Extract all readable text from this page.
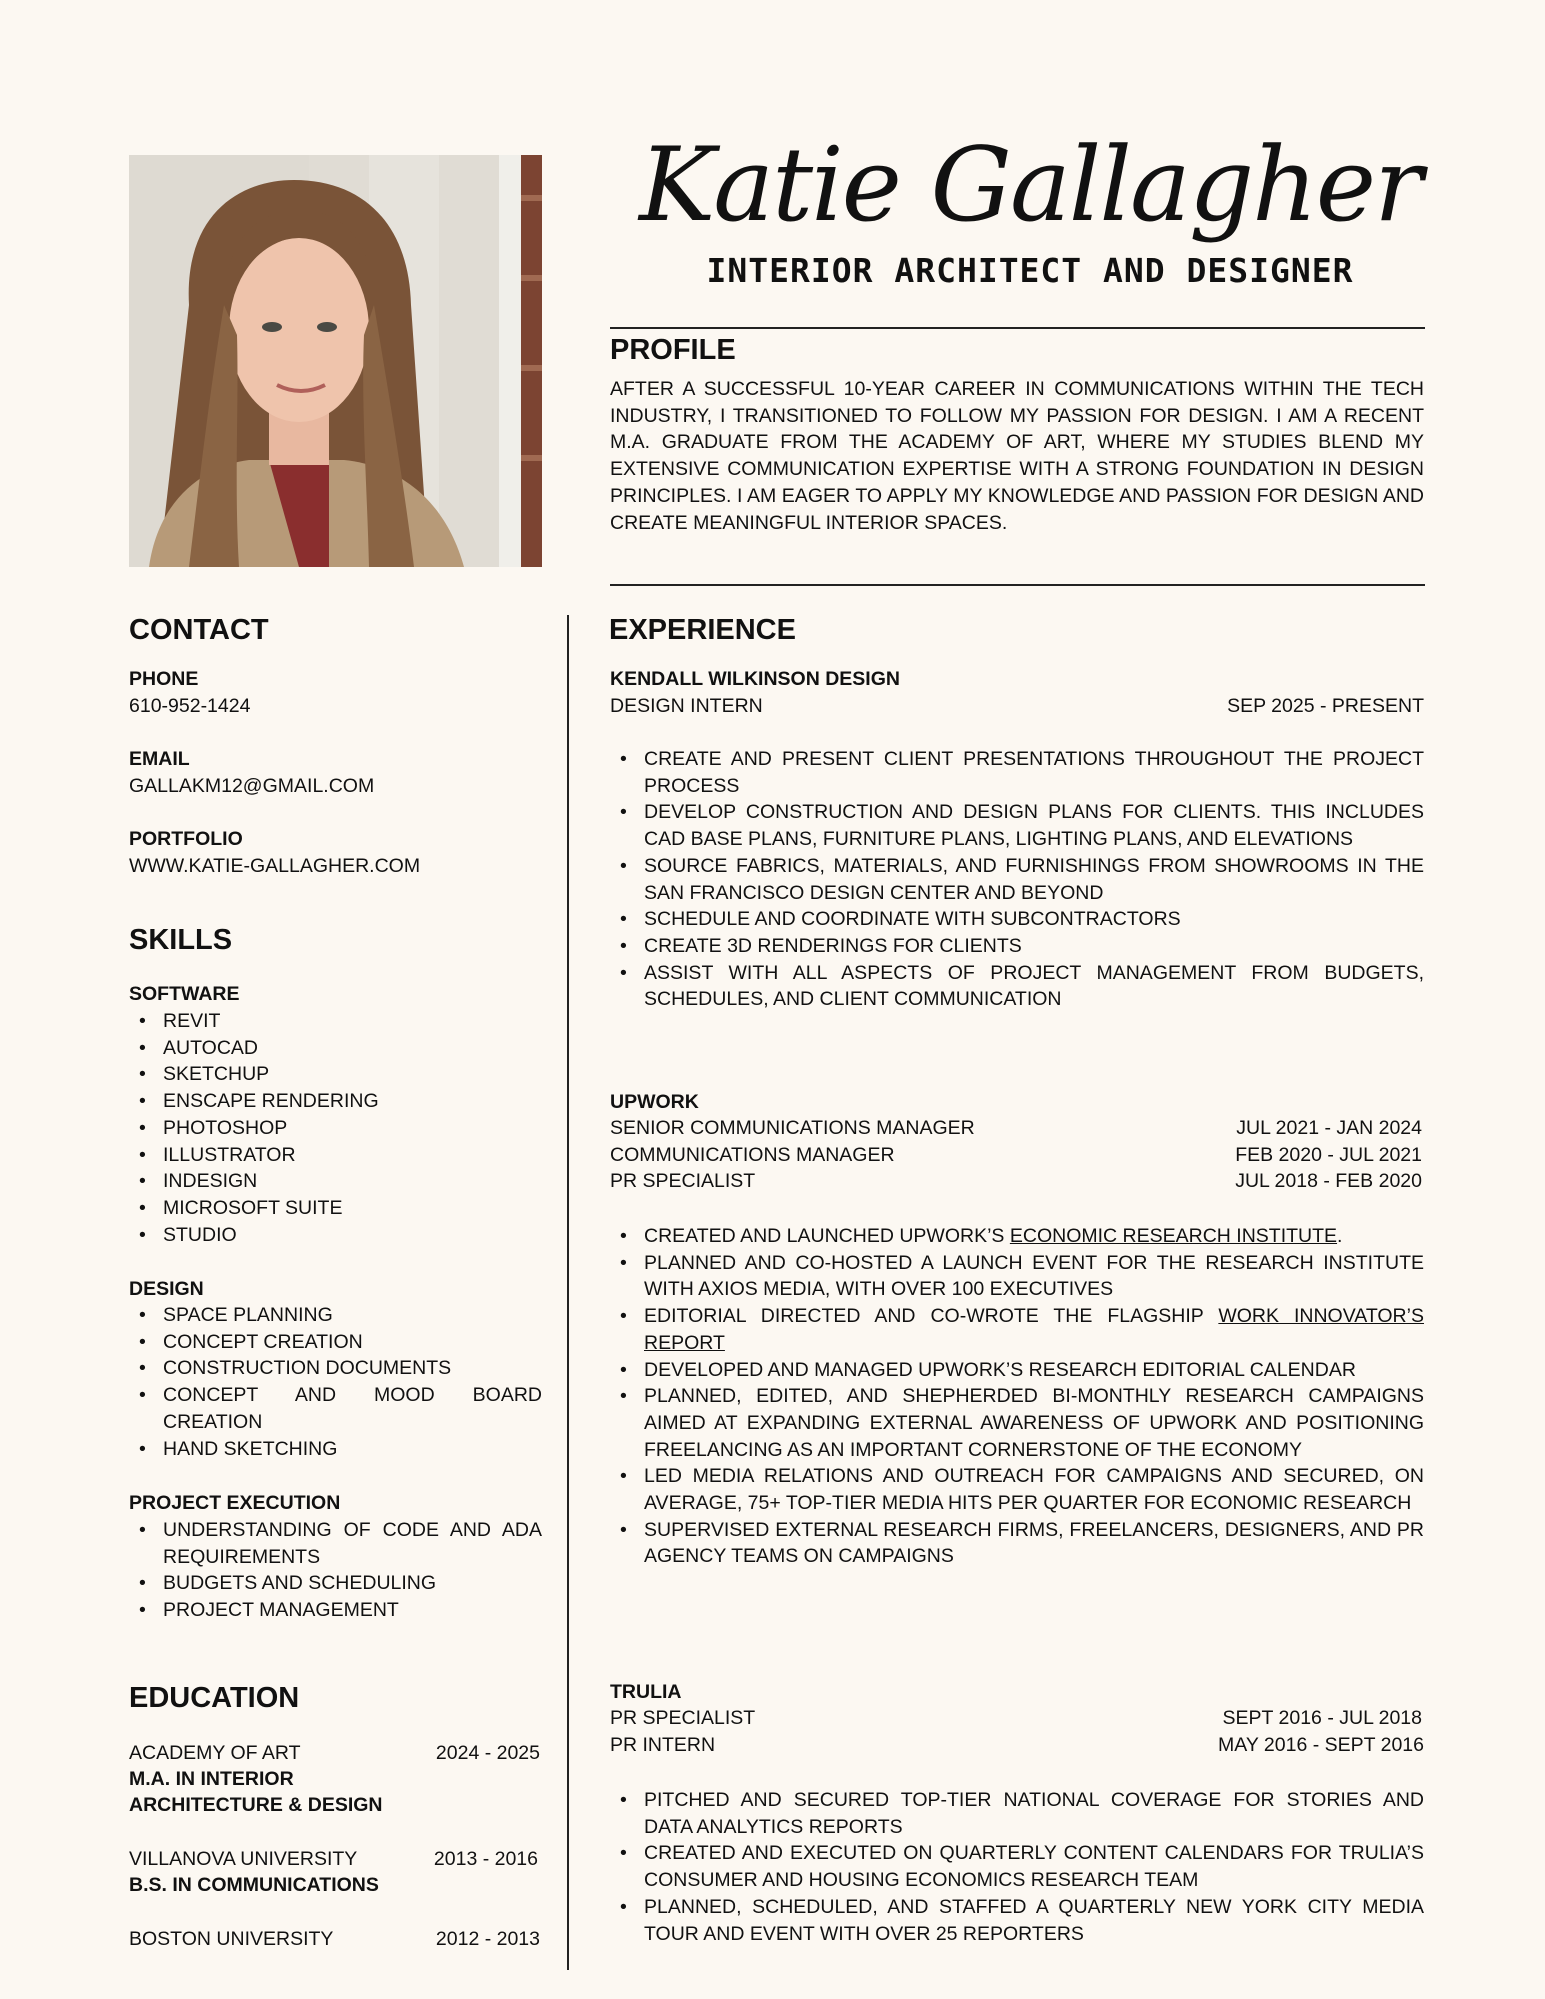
Katie Gallagher
INTERIOR ARCHITECT AND DESIGNER
PROFILE
AFTER A SUCCESSFUL 10-YEAR CAREER IN COMMUNICATIONS WITHIN THE TECH INDUSTRY, I TRANSITIONED TO FOLLOW MY PASSION FOR DESIGN. I AM A RECENT M.A. GRADUATE FROM THE ACADEMY OF ART, WHERE MY STUDIES BLEND MY EXTENSIVE COMMUNICATION EXPERTISE WITH A STRONG FOUNDATION IN DESIGN PRINCIPLES. I AM EAGER TO APPLY MY KNOWLEDGE AND PASSION FOR DESIGN AND CREATE MEANINGFUL INTERIOR SPACES.
CONTACT
PHONE
610-952-1424
EMAIL
GALLAKM12@GMAIL.COM
PORTFOLIO
WWW.KATIE-GALLAGHER.COM
SKILLS
SOFTWARE
• REVIT
• AUTOCAD
• SKETCHUP
• ENSCAPE RENDERING
• PHOTOSHOP
• ILLUSTRATOR
• INDESIGN
• MICROSOFT SUITE
• STUDIO
DESIGN
• SPACE PLANNING
• CONCEPT CREATION
• CONSTRUCTION DOCUMENTS
• CONCEPT AND MOOD BOARD CREATION
• HAND SKETCHING
PROJECT EXECUTION
• UNDERSTANDING OF CODE AND ADA REQUIREMENTS
• BUDGETS AND SCHEDULING
• PROJECT MANAGEMENT
EDUCATION
ACADEMY OF ART	2024 - 2025
M.A. IN INTERIOR
ARCHITECTURE & DESIGN
VILLANOVA UNIVERSITY	2013 - 2016
B.S. IN COMMUNICATIONS
BOSTON UNIVERSITY	2012 - 2013
EXPERIENCE
KENDALL WILKINSON DESIGN
DESIGN INTERN	SEP 2025 - PRESENT
• CREATE AND PRESENT CLIENT PRESENTATIONS THROUGHOUT THE PROJECT PROCESS
• DEVELOP CONSTRUCTION AND DESIGN PLANS FOR CLIENTS. THIS INCLUDES CAD BASE PLANS, FURNITURE PLANS, LIGHTING PLANS, AND ELEVATIONS
• SOURCE FABRICS, MATERIALS, AND FURNISHINGS FROM SHOWROOMS IN THE SAN FRANCISCO DESIGN CENTER AND BEYOND
• SCHEDULE AND COORDINATE WITH SUBCONTRACTORS
• CREATE 3D RENDERINGS FOR CLIENTS
• ASSIST WITH ALL ASPECTS OF PROJECT MANAGEMENT FROM BUDGETS, SCHEDULES, AND CLIENT COMMUNICATION
UPWORK
SENIOR COMMUNICATIONS MANAGER	JUL 2021 - JAN 2024
COMMUNICATIONS MANAGER	FEB 2020 - JUL 2021
PR SPECIALIST	JUL 2018 - FEB 2020
• CREATED AND LAUNCHED UPWORK’S ECONOMIC RESEARCH INSTITUTE.
• PLANNED AND CO-HOSTED A LAUNCH EVENT FOR THE RESEARCH INSTITUTE WITH AXIOS MEDIA, WITH OVER 100 EXECUTIVES
• EDITORIAL DIRECTED AND CO-WROTE THE FLAGSHIP WORK INNOVATOR’S REPORT
• DEVELOPED AND MANAGED UPWORK’S RESEARCH EDITORIAL CALENDAR
• PLANNED, EDITED, AND SHEPHERDED BI-MONTHLY RESEARCH CAMPAIGNS AIMED AT EXPANDING EXTERNAL AWARENESS OF UPWORK AND POSITIONING FREELANCING AS AN IMPORTANT CORNERSTONE OF THE ECONOMY
• LED MEDIA RELATIONS AND OUTREACH FOR CAMPAIGNS AND SECURED, ON AVERAGE, 75+ TOP-TIER MEDIA HITS PER QUARTER FOR ECONOMIC RESEARCH
• SUPERVISED EXTERNAL RESEARCH FIRMS, FREELANCERS, DESIGNERS, AND PR AGENCY TEAMS ON CAMPAIGNS
TRULIA
PR SPECIALIST	SEPT 2016 - JUL 2018
PR INTERN	MAY 2016 - SEPT 2016
• PITCHED AND SECURED TOP-TIER NATIONAL COVERAGE FOR STORIES AND DATA ANALYTICS REPORTS
• CREATED AND EXECUTED ON QUARTERLY CONTENT CALENDARS FOR TRULIA’S CONSUMER AND HOUSING ECONOMICS RESEARCH TEAM
• PLANNED, SCHEDULED, AND STAFFED A QUARTERLY NEW YORK CITY MEDIA TOUR AND EVENT WITH OVER 25 REPORTERS
